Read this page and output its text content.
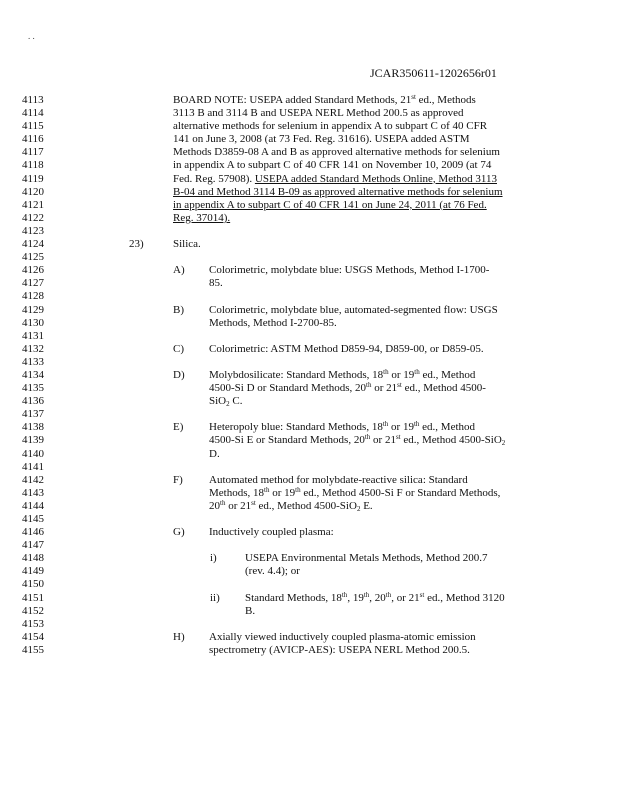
. .
JCAR350611-1202656r01
4113	BOARD NOTE: USEPA added Standard Methods, 21st ed., Methods
4114	3113 B and 3114 B and USEPA NERL Method 200.5 as approved
4115	alternative methods for selenium in appendix A to subpart C of 40 CFR
4116	141 on June 3, 2008 (at 73 Fed. Reg. 31616). USEPA added ASTM
4117	Methods D3859-08 A and B as approved alternative methods for selenium
4118	in appendix A to subpart C of 40 CFR 141 on November 10, 2009 (at 74
4119	Fed. Reg. 57908). USEPA added Standard Methods Online, Method 3113
4120	B-04 and Method 3114 B-09 as approved alternative methods for selenium
4121	in appendix A to subpart C of 40 CFR 141 on June 24, 2011 (at 76 Fed.
4122	Reg. 37014).
4123
4124	23)	Silica.
4125
4126	A) Colorimetric, molybdate blue: USGS Methods, Method I-1700-
4127	85.
4128
4129	B) Colorimetric, molybdate blue, automated-segmented flow: USGS
4130	Methods, Method I-2700-85.
4131
4132	C) Colorimetric: ASTM Method D859-94, D859-00, or D859-05.
4133
4134	D) Molybdosilicate: Standard Methods, 18th or 19th ed., Method
4135	4500-Si D or Standard Methods, 20th or 21st ed., Method 4500-
4136	SiO$_2$ C.
4137
4138	E) Heteropoly blue: Standard Methods, 18th or 19th ed., Method
4139	4500-Si E or Standard Methods, 20th or 21st ed., Method 4500-SiO$_2$
4140	D.
4141
4142	F) Automated method for molybdate-reactive silica: Standard
4143	Methods, 18th or 19th ed., Method 4500-Si F or Standard Methods,
4144	20th or 21st ed., Method 4500-SiO$_2$ E.
4145
4146	G) Inductively coupled plasma:
4147
4148	i)	USEPA Environmental Metals Methods, Method 200.7
4149	(rev. 4.4); or
4150
4151	ii) Standard Methods, 18th, 19th, 20th, or 21st ed., Method 3120
4152	B.
4153
4154	H) Axially viewed inductively coupled plasma-atomic emission
4155	spectrometry (AVICP-AES): USEPA NERL Method 200.5.
